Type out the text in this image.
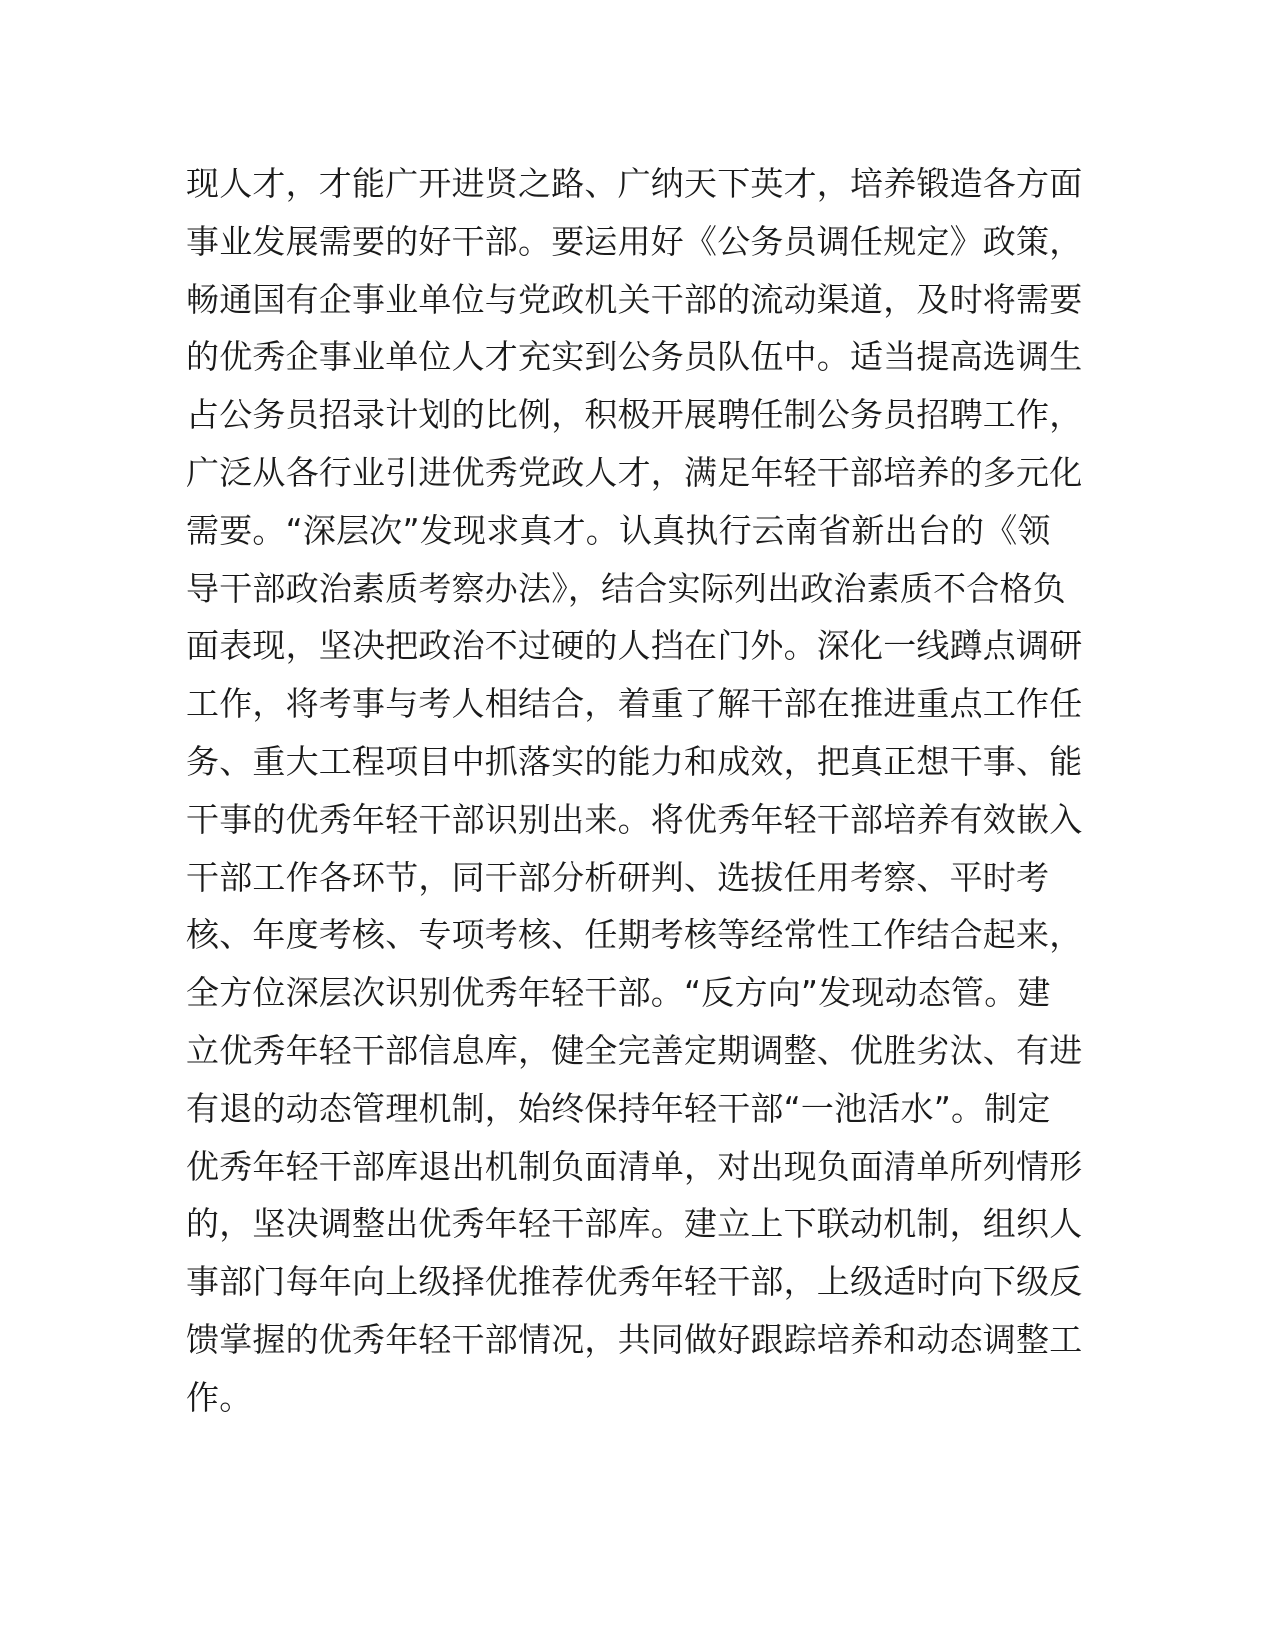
现人才，才能广开进贤之路、广纳天下英才，培养锻造各方面
事业发展需要的好干部。要运用好《公务员调任规定》政策，
畅通国有企事业单位与党政机关干部的流动渠道，及时将需要
的优秀企事业单位人才充实到公务员队伍中。适当提高选调生
占公务员招录计划的比例，积极开展聘任制公务员招聘工作，
广泛从各行业引进优秀党政人才，满足年轻干部培养的多元化
需要。“深层次”发现求真才。认真执行云南省新出台的《领
导干部政治素质考察办法》，结合实际列出政治素质不合格负
面表现，坚决把政治不过硬的人挡在门外。深化一线蹲点调研
工作，将考事与考人相结合，着重了解干部在推进重点工作任
务、重大工程项目中抓落实的能力和成效，把真正想干事、能
干事的优秀年轻干部识别出来。将优秀年轻干部培养有效嵌入
干部工作各环节，同干部分析研判、选拔任用考察、平时考
核、年度考核、专项考核、任期考核等经常性工作结合起来，
全方位深层次识别优秀年轻干部。“反方向”发现动态管。建
立优秀年轻干部信息库，健全完善定期调整、优胜劣汰、有进
有退的动态管理机制，始终保持年轻干部“一池活水”。制定
优秀年轻干部库退出机制负面清单，对出现负面清单所列情形
的，坚决调整出优秀年轻干部库。建立上下联动机制，组织人
事部门每年向上级择优推荐优秀年轻干部，上级适时向下级反
馈掌握的优秀年轻干部情况，共同做好跟踪培养和动态调整工
作。
